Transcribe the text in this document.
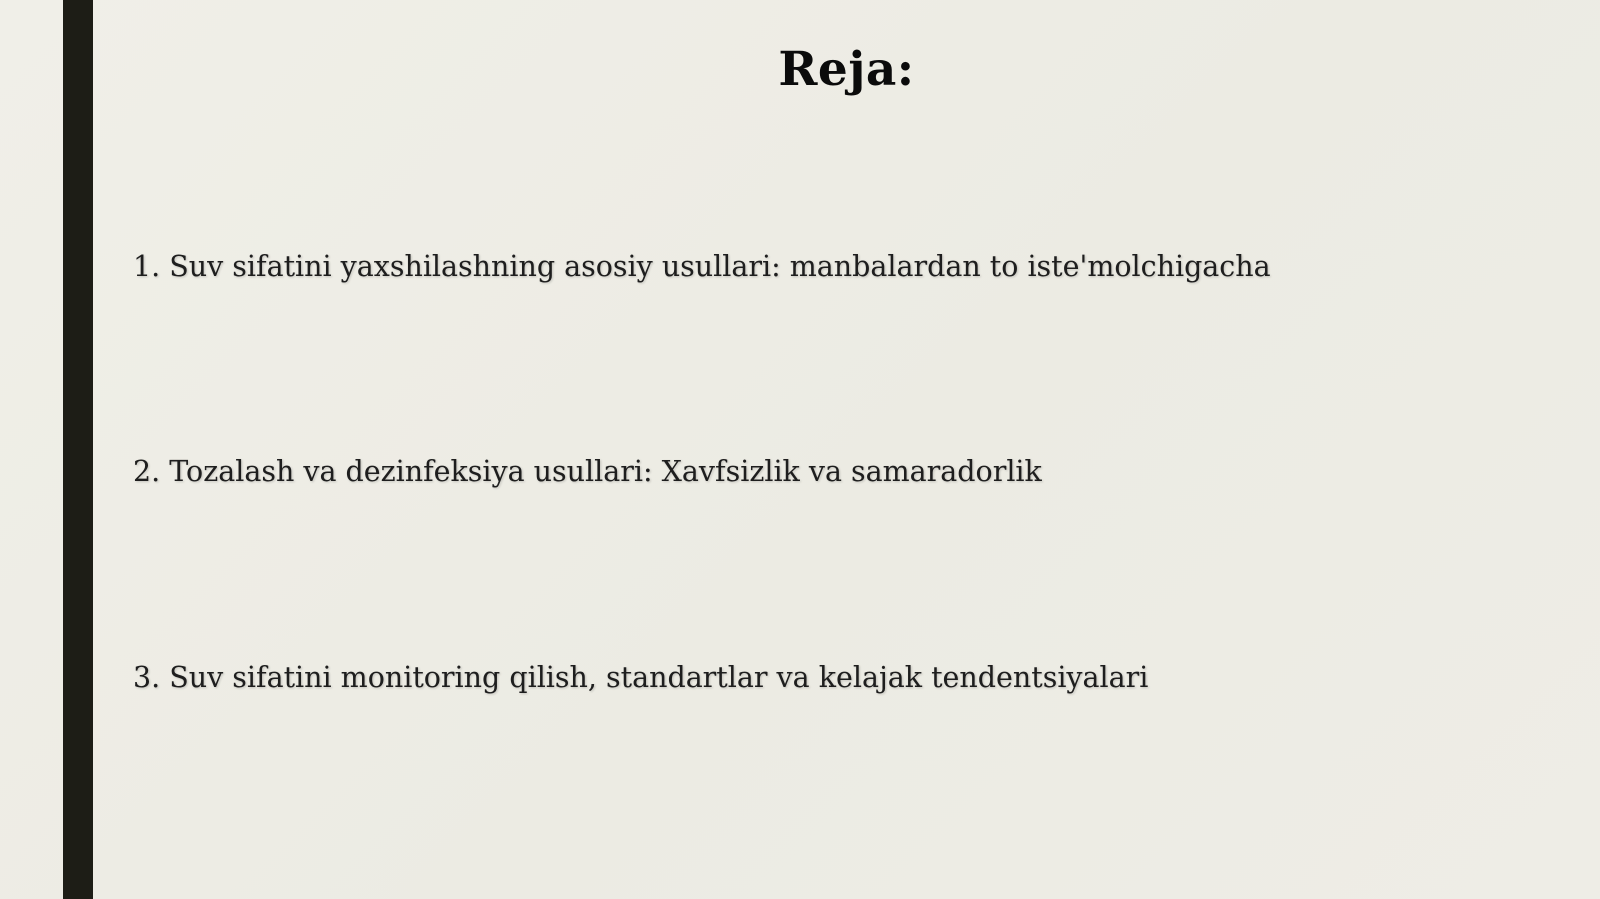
Reja:
1. Suv sifatini yaxshilashning asosiy usullari: manbalardan to iste'molchigacha
2. Tozalash va dezinfeksiya usullari: Xavfsizlik va samaradorlik
3. Suv sifatini monitoring qilish, standartlar va kelajak tendentsiyalari
